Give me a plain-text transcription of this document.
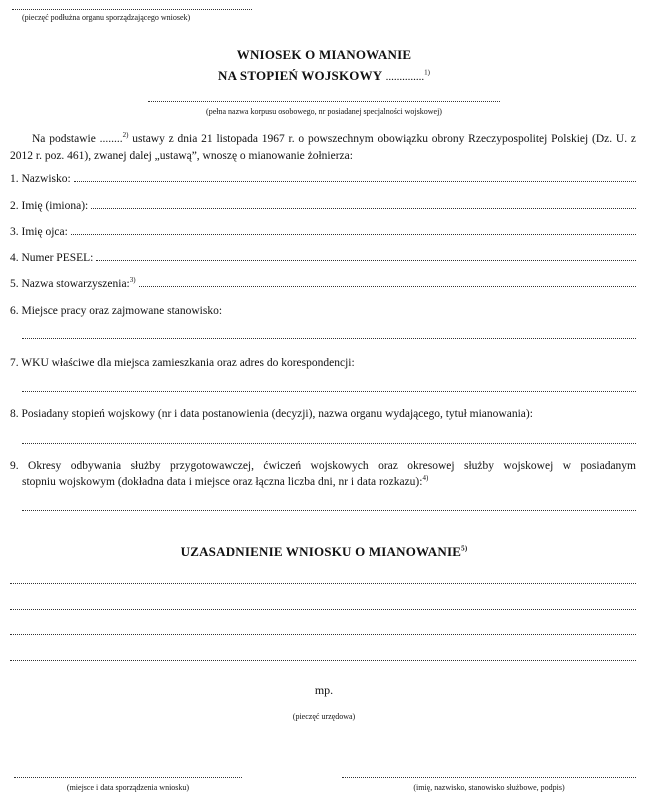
(pieczęć podłużna organu sporządzającego wniosek)
WNIOSEK O MIANOWANIE
NA STOPIEŃ WOJSKOWY ..............$^{1)}$
(pełna nazwa korpusu osobowego, nr posiadanej specjalności wojskowej)
Na podstawie ........$^{2)}$ ustawy z dnia 21 listopada 1967 r. o powszechnym obowiązku obrony Rzeczypospolitej Polskiej (Dz. U. z 2012 r. poz. 461), zwanej dalej „ustawą”, wnoszę o mianowanie żołnierza:
1. Nazwisko:
2. Imię (imiona):
3. Imię ojca:
4. Numer PESEL:
5. Nazwa stowarzyszenia:$^{3)}$
6. Miejsce pracy oraz zajmowane stanowisko:
7. WKU właściwe dla miejsca zamieszkania oraz adres do korespondencji:
8. Posiadany stopień wojskowy (nr i data postanowienia (decyzji), nazwa organu wydającego, tytuł mianowania):
9. Okresy odbywania służby przygotowawczej, ćwiczeń wojskowych oraz okresowej służby wojskowej w posiadanym
stopniu wojskowym (dokładna data i miejsce oraz łączna liczba dni, nr i data rozkazu):$^{4)}$
UZASADNIENIE WNIOSKU O MIANOWANIE$^{5)}$
mp.
(pieczęć urzędowa)
(miejsce i data sporządzenia wniosku)	(imię, nazwisko, stanowisko służbowe, podpis)
